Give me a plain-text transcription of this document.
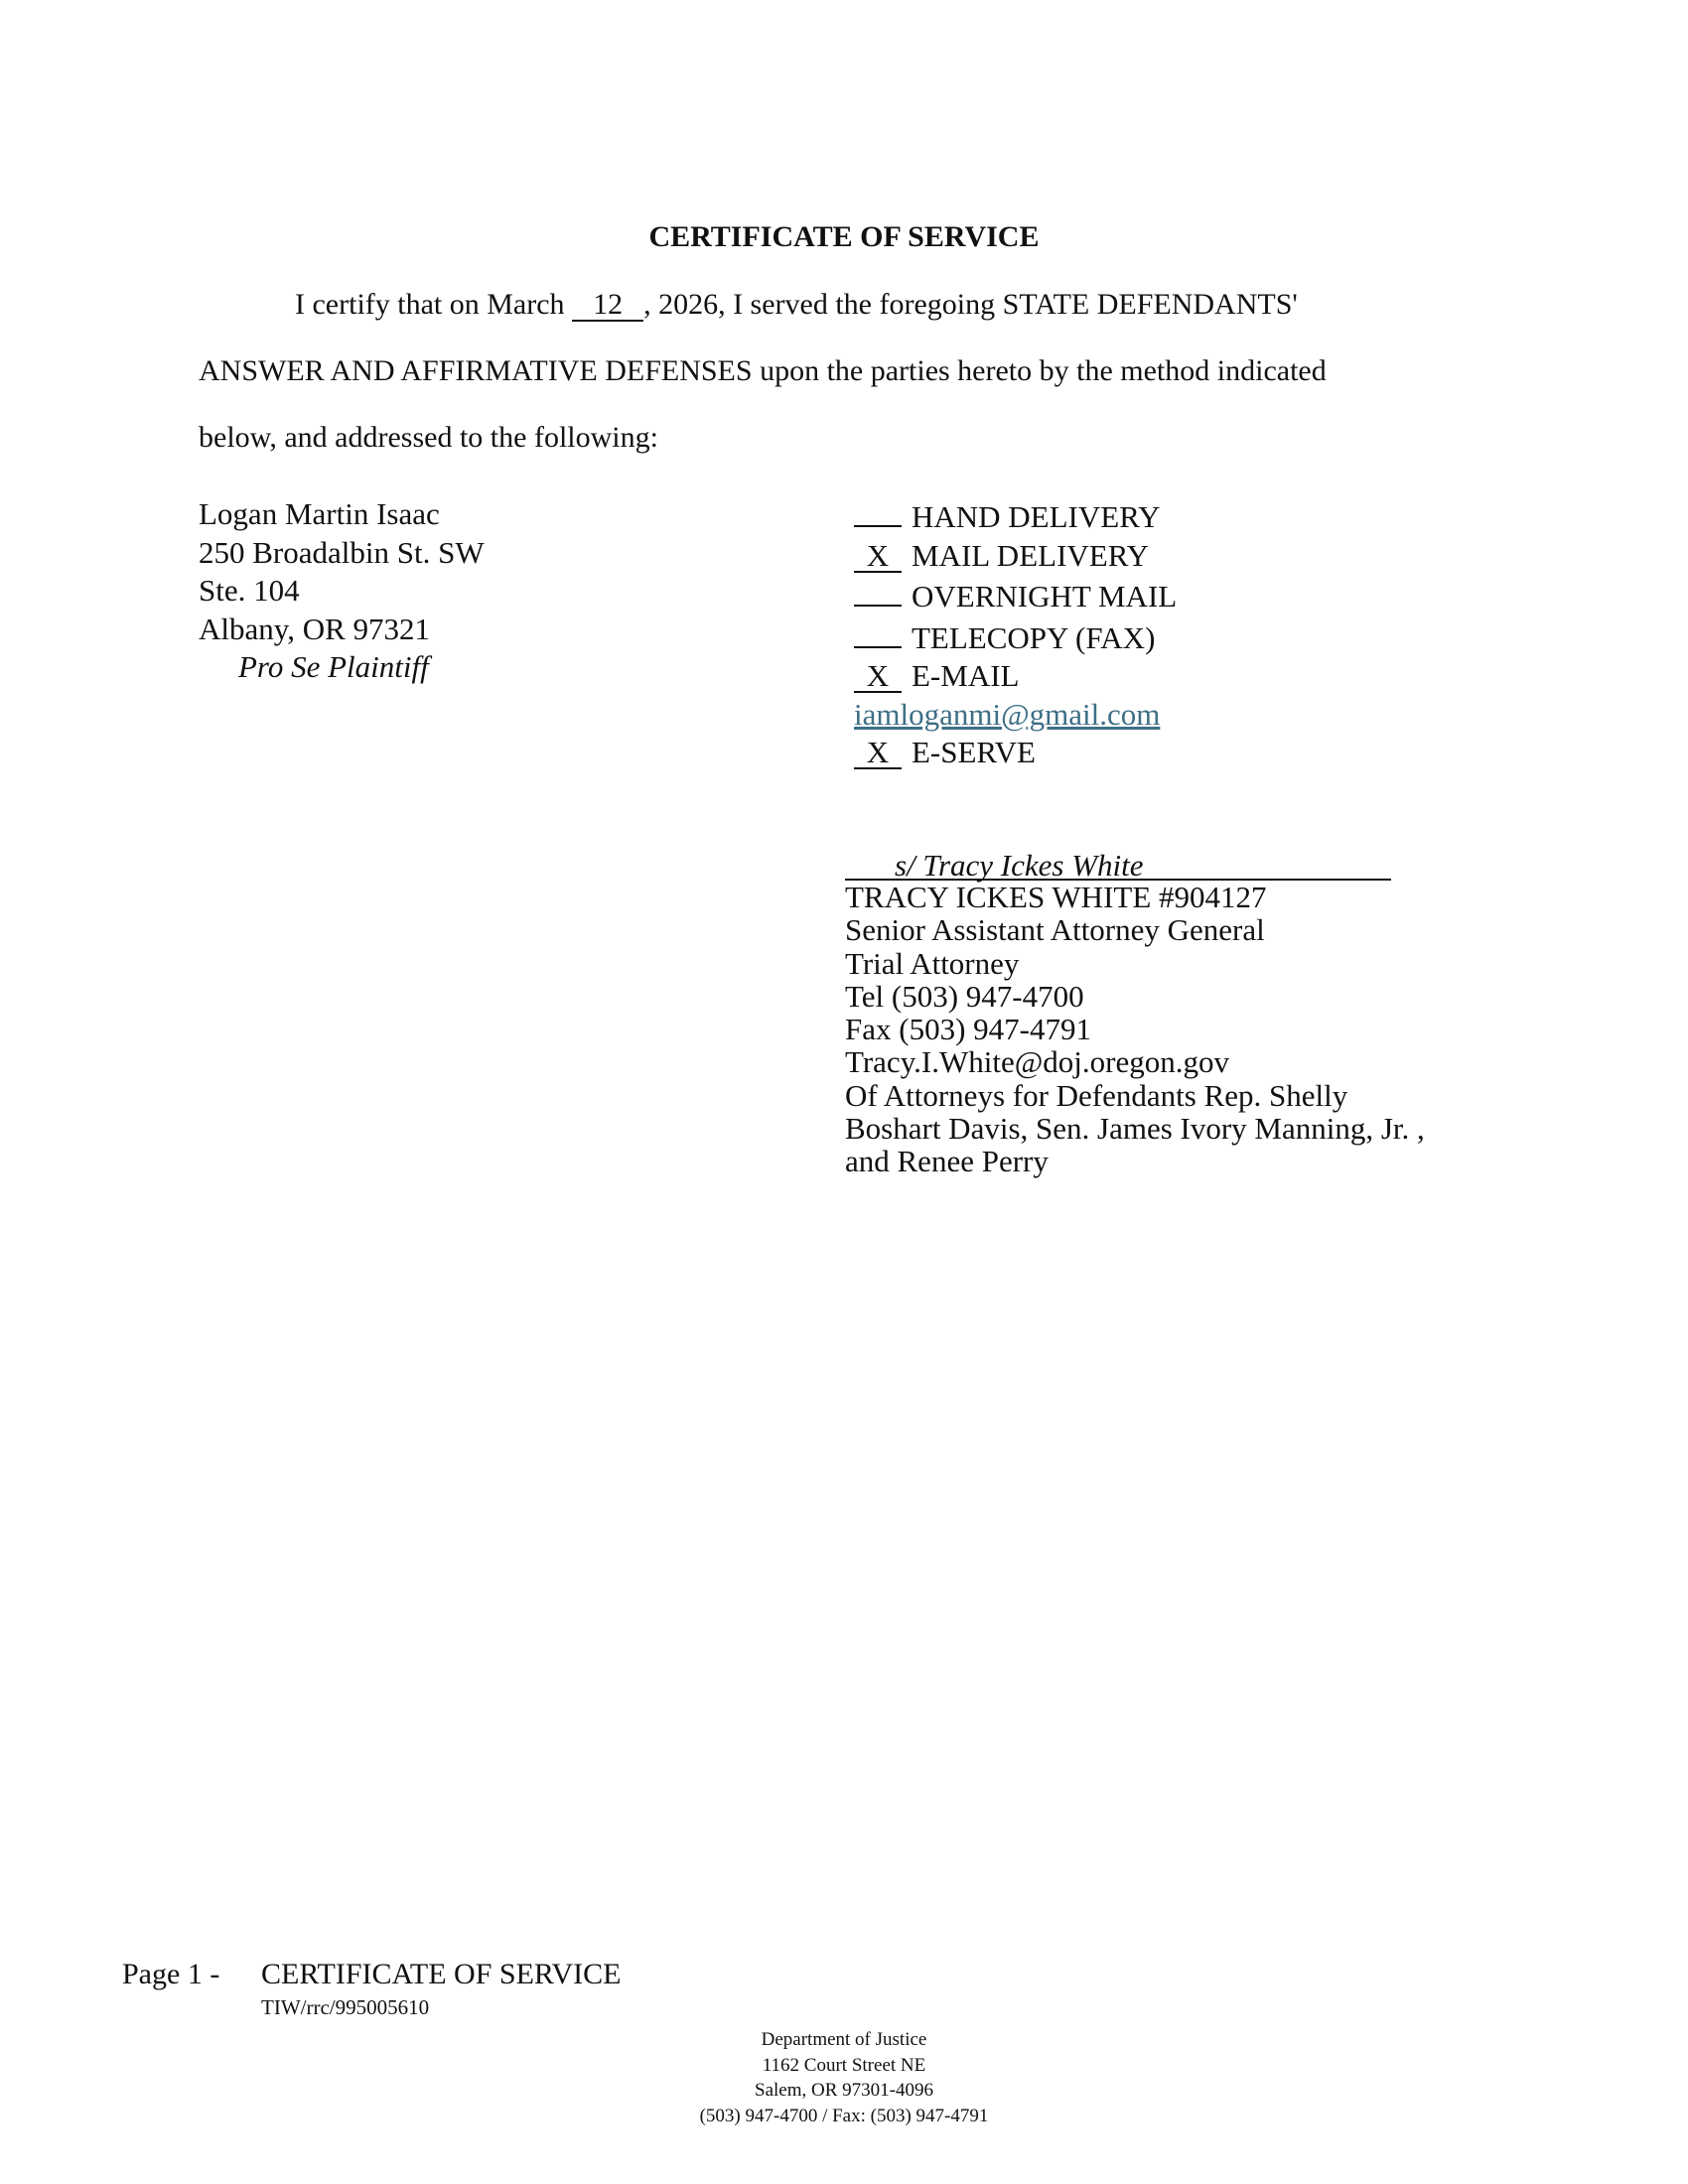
CERTIFICATE OF SERVICE
I certify that on March 12 , 2026, I served the foregoing STATE DEFENDANTS'
ANSWER AND AFFIRMATIVE DEFENSES upon the parties hereto by the method indicated
below, and addressed to the following:
Logan Martin Isaac
250 Broadalbin St. SW
Ste. 104
Albany, OR 97321
Pro Se Plaintiff
HAND DELIVERY
X MAIL DELIVERY
OVERNIGHT MAIL
TELECOPY (FAX)
X E-MAIL
iamloganmi@gmail.com
X E-SERVE
s/ Tracy Ickes White
TRACY ICKES WHITE #904127
Senior Assistant Attorney General
Trial Attorney
Tel (503) 947-4700
Fax (503) 947-4791
Tracy.I.White@doj.oregon.gov
Of Attorneys for Defendants Rep. Shelly
Boshart Davis, Sen. James Ivory Manning, Jr. ,
and Renee Perry
Page 1 - CERTIFICATE OF SERVICE
TIW/rrc/995005610
Department of Justice
1162 Court Street NE
Salem, OR 97301-4096
(503) 947-4700 / Fax: (503) 947-4791
